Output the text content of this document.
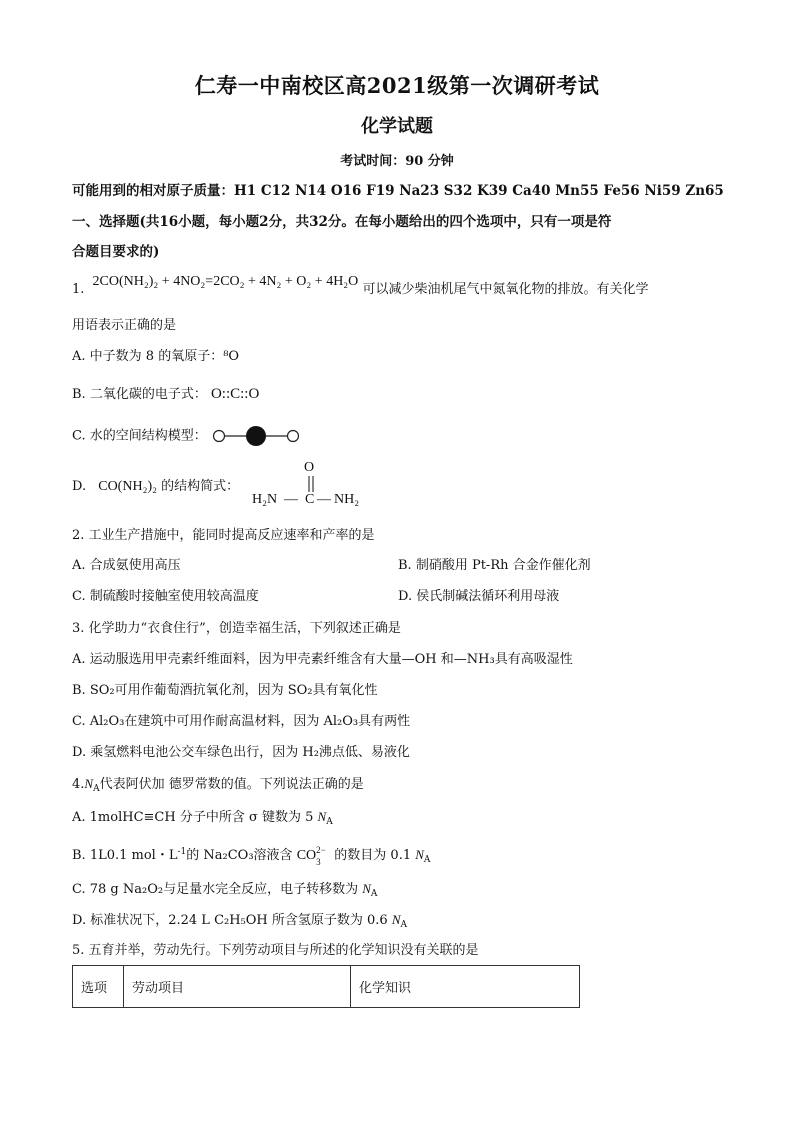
仁寿一中南校区高2021级第一次调研考试
化学试题
考试时间：90 分钟
可能用到的相对原子质量：H1 C12 N14 O16 F19 Na23 S32 K39 Ca40 Mn55 Fe56 Ni59 Zn65
一、选择题(共16小题，每小题2分，共32分。在每小题给出的四个选项中，只有一项是符
合题目要求的)
1. 2CO(NH₂)₂ + 4NO₂=2CO₂ + 4N₂ + O₂ + 4H₂O 可以减少柴油机尾气中氮氧化物的排放。有关化学
用语表示正确的是
A. 中子数为 8 的氧原子：⁸O
B. 二氧化碳的电子式： O::C::O
C. 水的空间结构模型：
D. CO(NH₂)₂ 的结构简式：
O
H₂N — C — NH₂
2. 工业生产措施中，能同时提高反应速率和产率的是
A. 合成氨使用高压	B. 制硝酸用 Pt-Rh 合金作催化剂
C. 制硫酸时接触室使用较高温度	D. 侯氏制碱法循环利用母液
3. 化学助力“衣食住行”，创造幸福生活，下列叙述正确是
A. 运动服选用甲壳素纤维面料，因为甲壳素纤维含有大量—OH 和—NH₃具有高吸湿性
B. SO₂可用作葡萄酒抗氧化剂，因为 SO₂具有氧化性
C. Al₂O₃在建筑中可用作耐高温材料，因为 Al₂O₃具有两性
D. 乘氢燃料电池公交车绿色出行，因为 H₂沸点低、易液化
$4.N_A$代表阿伏加 德罗常数的值。下列说法正确的是
A. 1molHC≡CH 分子中所含 σ 键数为 5 $N_A$
B. 1L0.1 mol・$L^{-1}$的 Na₂CO₃溶液含 CO 2−
3 的数目为 0.1 $N_A$
C. 78 g Na₂O₂与足量水完全反应，电子转移数为 $N_A$
D. 标准状况下，2.24 L C₂H₅OH 所含氢原子数为 0.6 $N_A$
5. 五育并举，劳动先行。下列劳动项目与所述的化学知识没有关联的是
选项	劳动项目	化学知识
